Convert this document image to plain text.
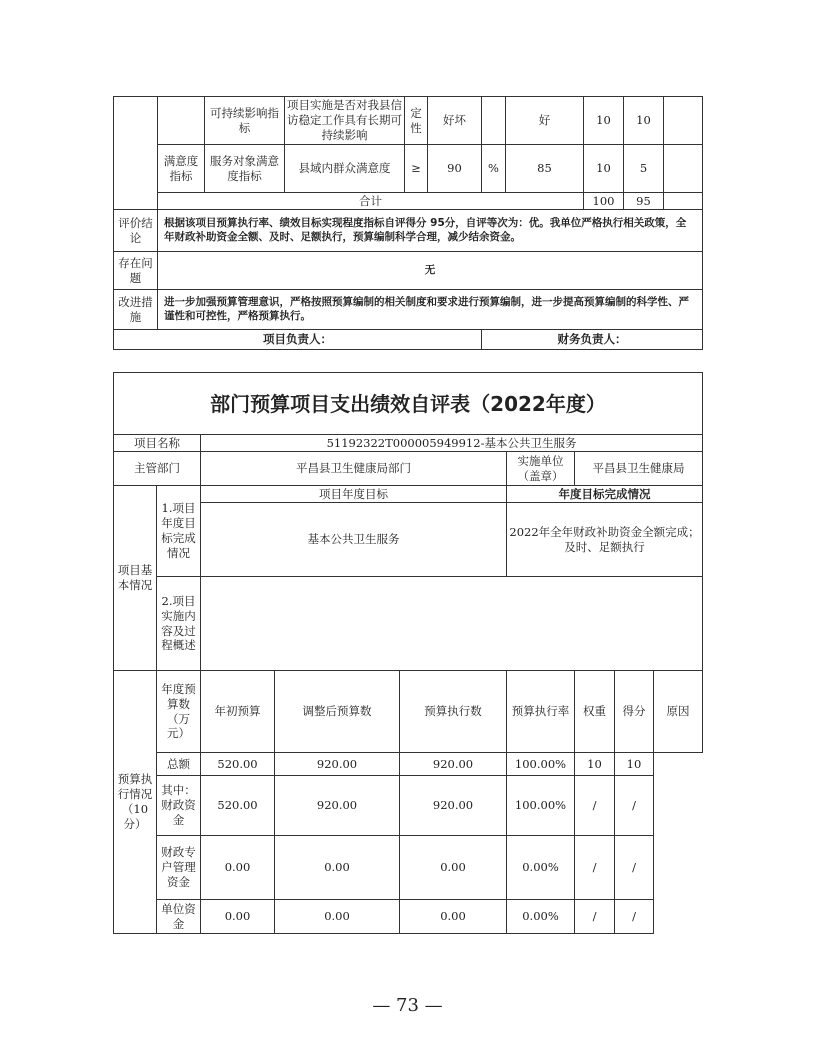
		可持续影响指标	项目实施是否对我县信访稳定工作具有长期可持续影响	定性	好坏		好	10	10	
	满意度指标	服务对象满意度指标	县域内群众满意度	≥	90	%	85	10	5	
	合计							100	95	
评价结论	根据该项目预算执行率、绩效目标实现程度指标自评得分 95分，自评等次为：优。我单位严格执行相关政策，全年财政补助资金全额、及时、足额执行，预算编制科学合理，减少结余资金。									
存在问题	无									
改进措施	进一步加强预算管理意识，严格按照预算编制的相关制度和要求进行预算编制，进一步提高预算编制的科学性、严谨性和可控性，严格预算执行。									
项目负责人：						财务负责人：				
部门预算项目支出绩效自评表（2022年度）								
项目名称		51192322T000005949912-基本公共卫生服务						
主管部门		平昌县卫生健康局部门			实施单位（盖章）	平昌县卫生健康局		
项目基本情况	1.项目年度目标完成情况	项目年度目标			年度目标完成情况			
		基本公共卫生服务			2022年全年财政补助资金全额完成；及时、足额执行			
	2.项目实施内容及过程概述							
预算执行情况（10分）	年度预算数（万元）	年初预算	调整后预算数	预算执行数	预算执行率	权重	得分	原因
	总额	520.00	920.00	920.00	100.00%	10	10	
	其中：财政资金	520.00	920.00	920.00	100.00%	/	/	
	财政专户管理资金	0.00	0.00	0.00	0.00%	/	/	
	单位资金	0.00	0.00	0.00	0.00%	/	/	
— 73 —
